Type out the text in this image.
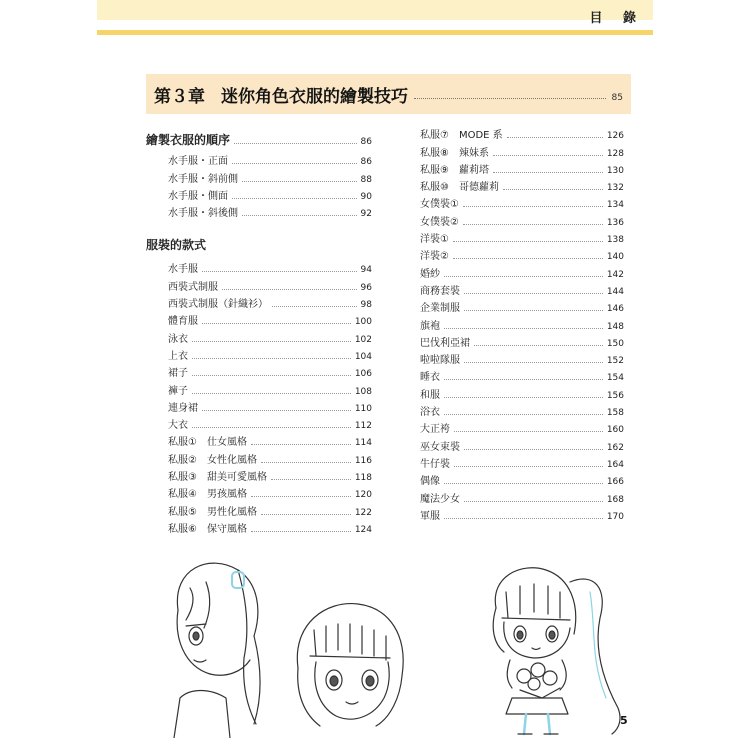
目 錄
第３章 迷你角色衣服的繪製技巧	85
繪製衣服的順序	86
水手服・正面	86
水手服・斜前側	88
水手服・側面	90
水手服・斜後側	92
服裝的款式
水手服	94
西裝式制服	96
西裝式制服（針織衫）	98
體育服	100
泳衣	102
上衣	104
裙子	106
褲子	108
連身裙	110
大衣	112
私服①　仕女風格	114
私服②　女性化風格	116
私服③　甜美可愛風格	118
私服④　男孩風格	120
私服⑤　男性化風格	122
私服⑥　保守風格	124
私服⑦　MODE 系	126
私服⑧　辣妹系	128
私服⑨　蘿莉塔	130
私服⑩　哥德蘿莉	132
女僕裝①	134
女僕裝②	136
洋裝①	138
洋裝②	140
婚紗	142
商務套裝	144
企業制服	146
旗袍	148
巴伐利亞裙	150
啦啦隊服	152
睡衣	154
和服	156
浴衣	158
大正袴	160
巫女束裝	162
牛仔裝	164
偶像	166
魔法少女	168
軍服	170
5
